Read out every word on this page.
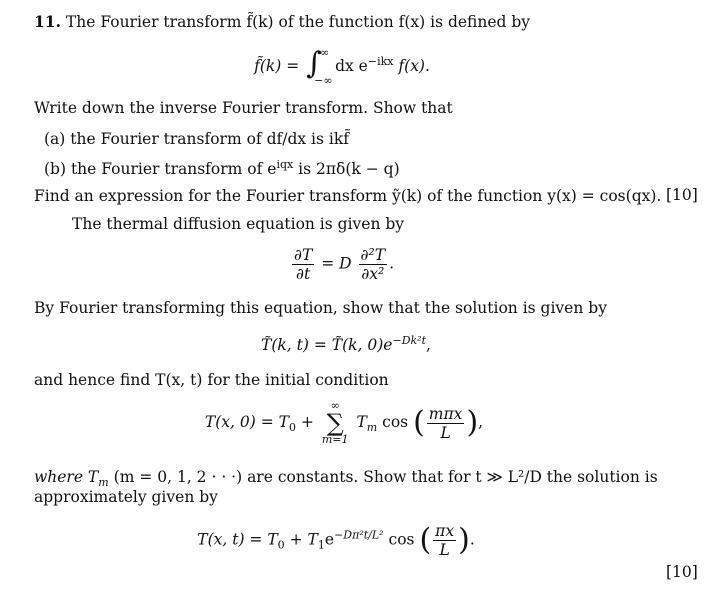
11. The Fourier transform f̃(k) of the function f(x) is defined by
f̃(k) = ∫
∞
−∞
dx $e^{-ikx}$ f(x).
Write down the inverse Fourier transform. Show that
(a) the Fourier transform of df/dx is ikf̃
(b) the Fourier transform of $e^{iqx}$ is 2πδ(k − q)
Find an expression for the Fourier transform ỹ(k) of the function y(x) = cos(qx). [10]
The thermal diffusion equation is given by
$\frac{\partial T}{\partial t} = D \frac{\text{∂²T}}{\text{∂x²}}$ .
By Fourier transforming this equation, show that the solution is given by
T̃(k, t) = T̃(k, $0)e^{-Dk^2t}$,
and hence find T(x, t) for the initial condition
T(x, $0) = T_0$ +
∞
∑
m=1
$T_m$ cos ( $\frac{\text{mπx}}{L}$ ),
where $T_m$ (m = 0, 1, 2 · · ·) are constants. Show that for t ≫ L²/D the solution is
approximately given by
T(x, $t) = T_0 + T_1e^{-D\pi^2t/L^2}$ cos ( $\frac{\pi x}{L}$ ).
[10]
